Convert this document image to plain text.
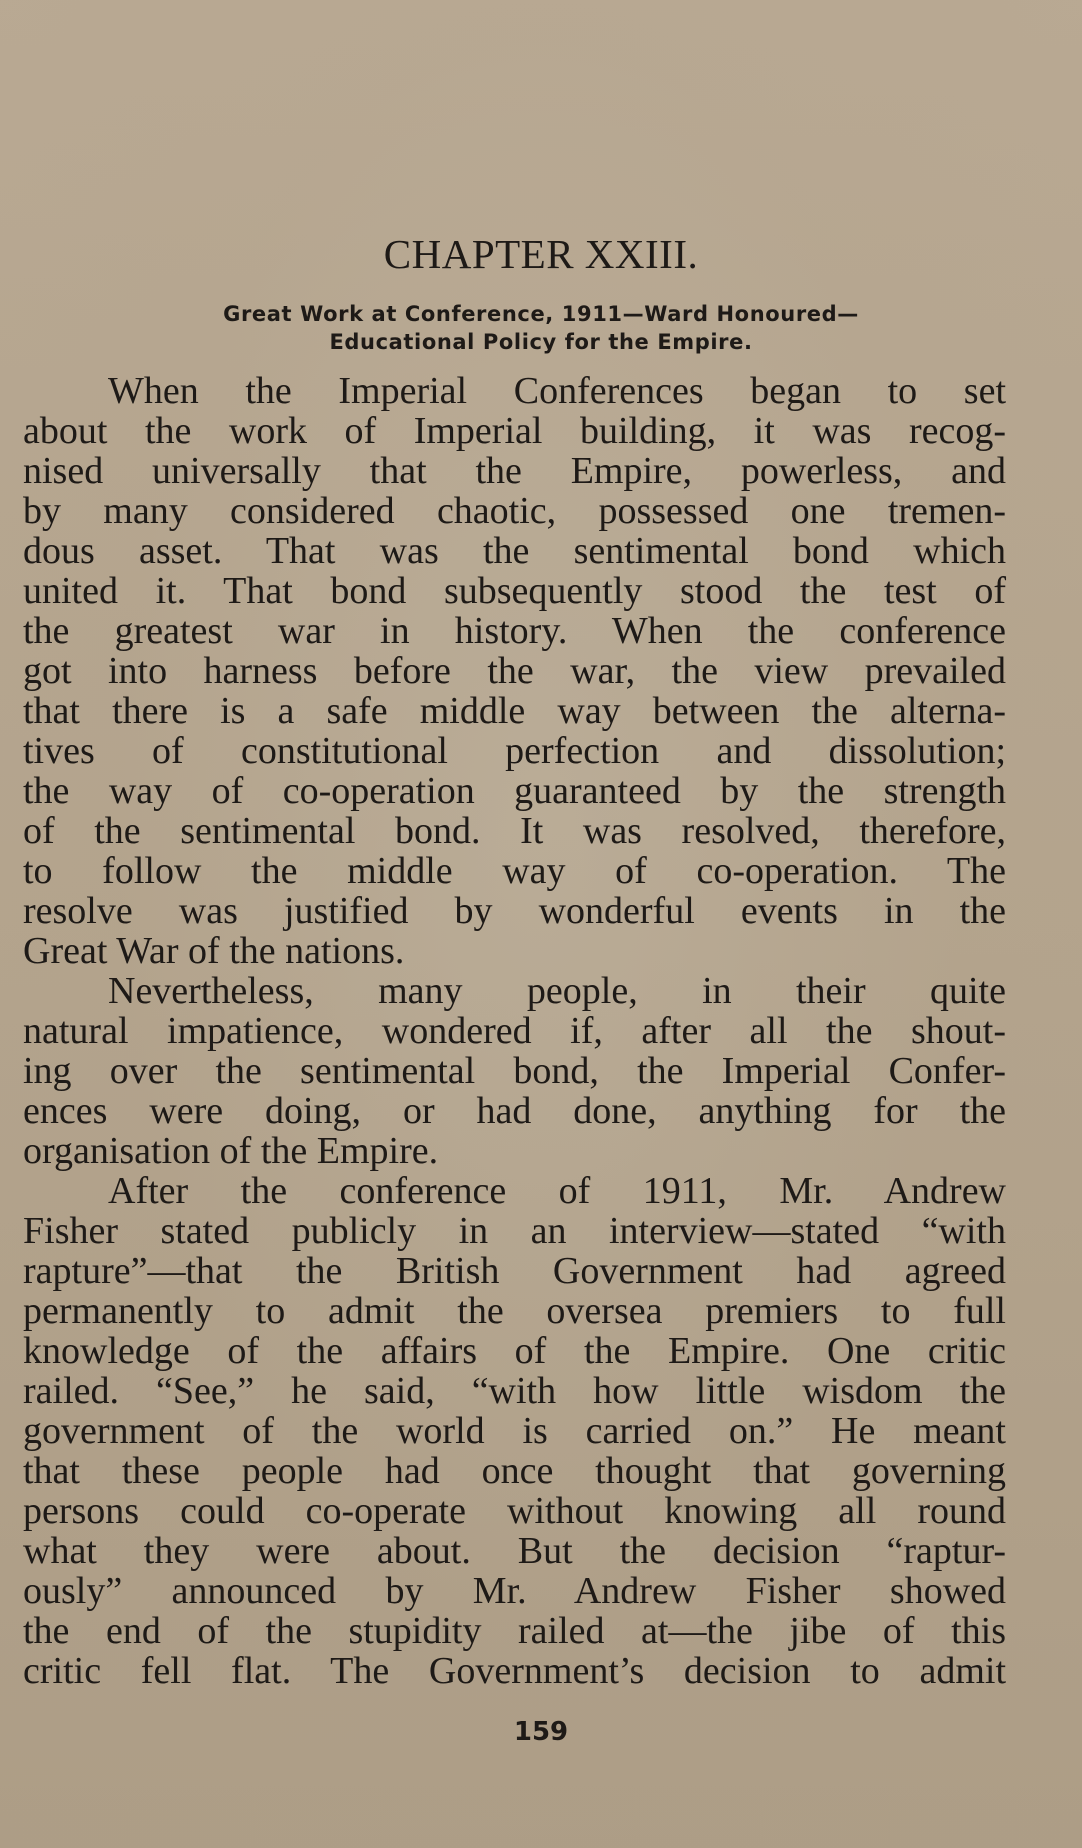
CHAPTER XXIII.
Great Work at Conference, 1911—Ward Honoured—
Educational Policy for the Empire.

When the Imperial Conferences began to set
about the work of Imperial building, it was recog-
nised universally that the Empire, powerless, and
by many considered chaotic, possessed one tremen-
dous asset. That was the sentimental bond which
united it. That bond subsequently stood the test of
the greatest war in history. When the conference
got into harness before the war, the view prevailed
that there is a safe middle way between the alterna-
tives of constitutional perfection and dissolution;
the way of co-operation guaranteed by the strength
of the sentimental bond. It was resolved, therefore,
to follow the middle way of co-operation. The
resolve was justified by wonderful events in the
Great War of the nations.

Nevertheless, many people, in their quite
natural impatience, wondered if, after all the shout-
ing over the sentimental bond, the Imperial Confer-
ences were doing, or had done, anything for the
organisation of the Empire.

After the conference of 1911, Mr. Andrew
Fisher stated publicly in an interview—stated “with
rapture”—that the British Government had agreed
permanently to admit the oversea premiers to full
knowledge of the affairs of the Empire. One critic
railed. “See,” he said, “with how little wisdom the
government of the world is carried on.” He meant
that these people had once thought that governing
persons could co-operate without knowing all round
what they were about. But the decision “raptur-
ously” announced by Mr. Andrew Fisher showed
the end of the stupidity railed at—the jibe of this
critic fell flat. The Government’s decision to admit

159
